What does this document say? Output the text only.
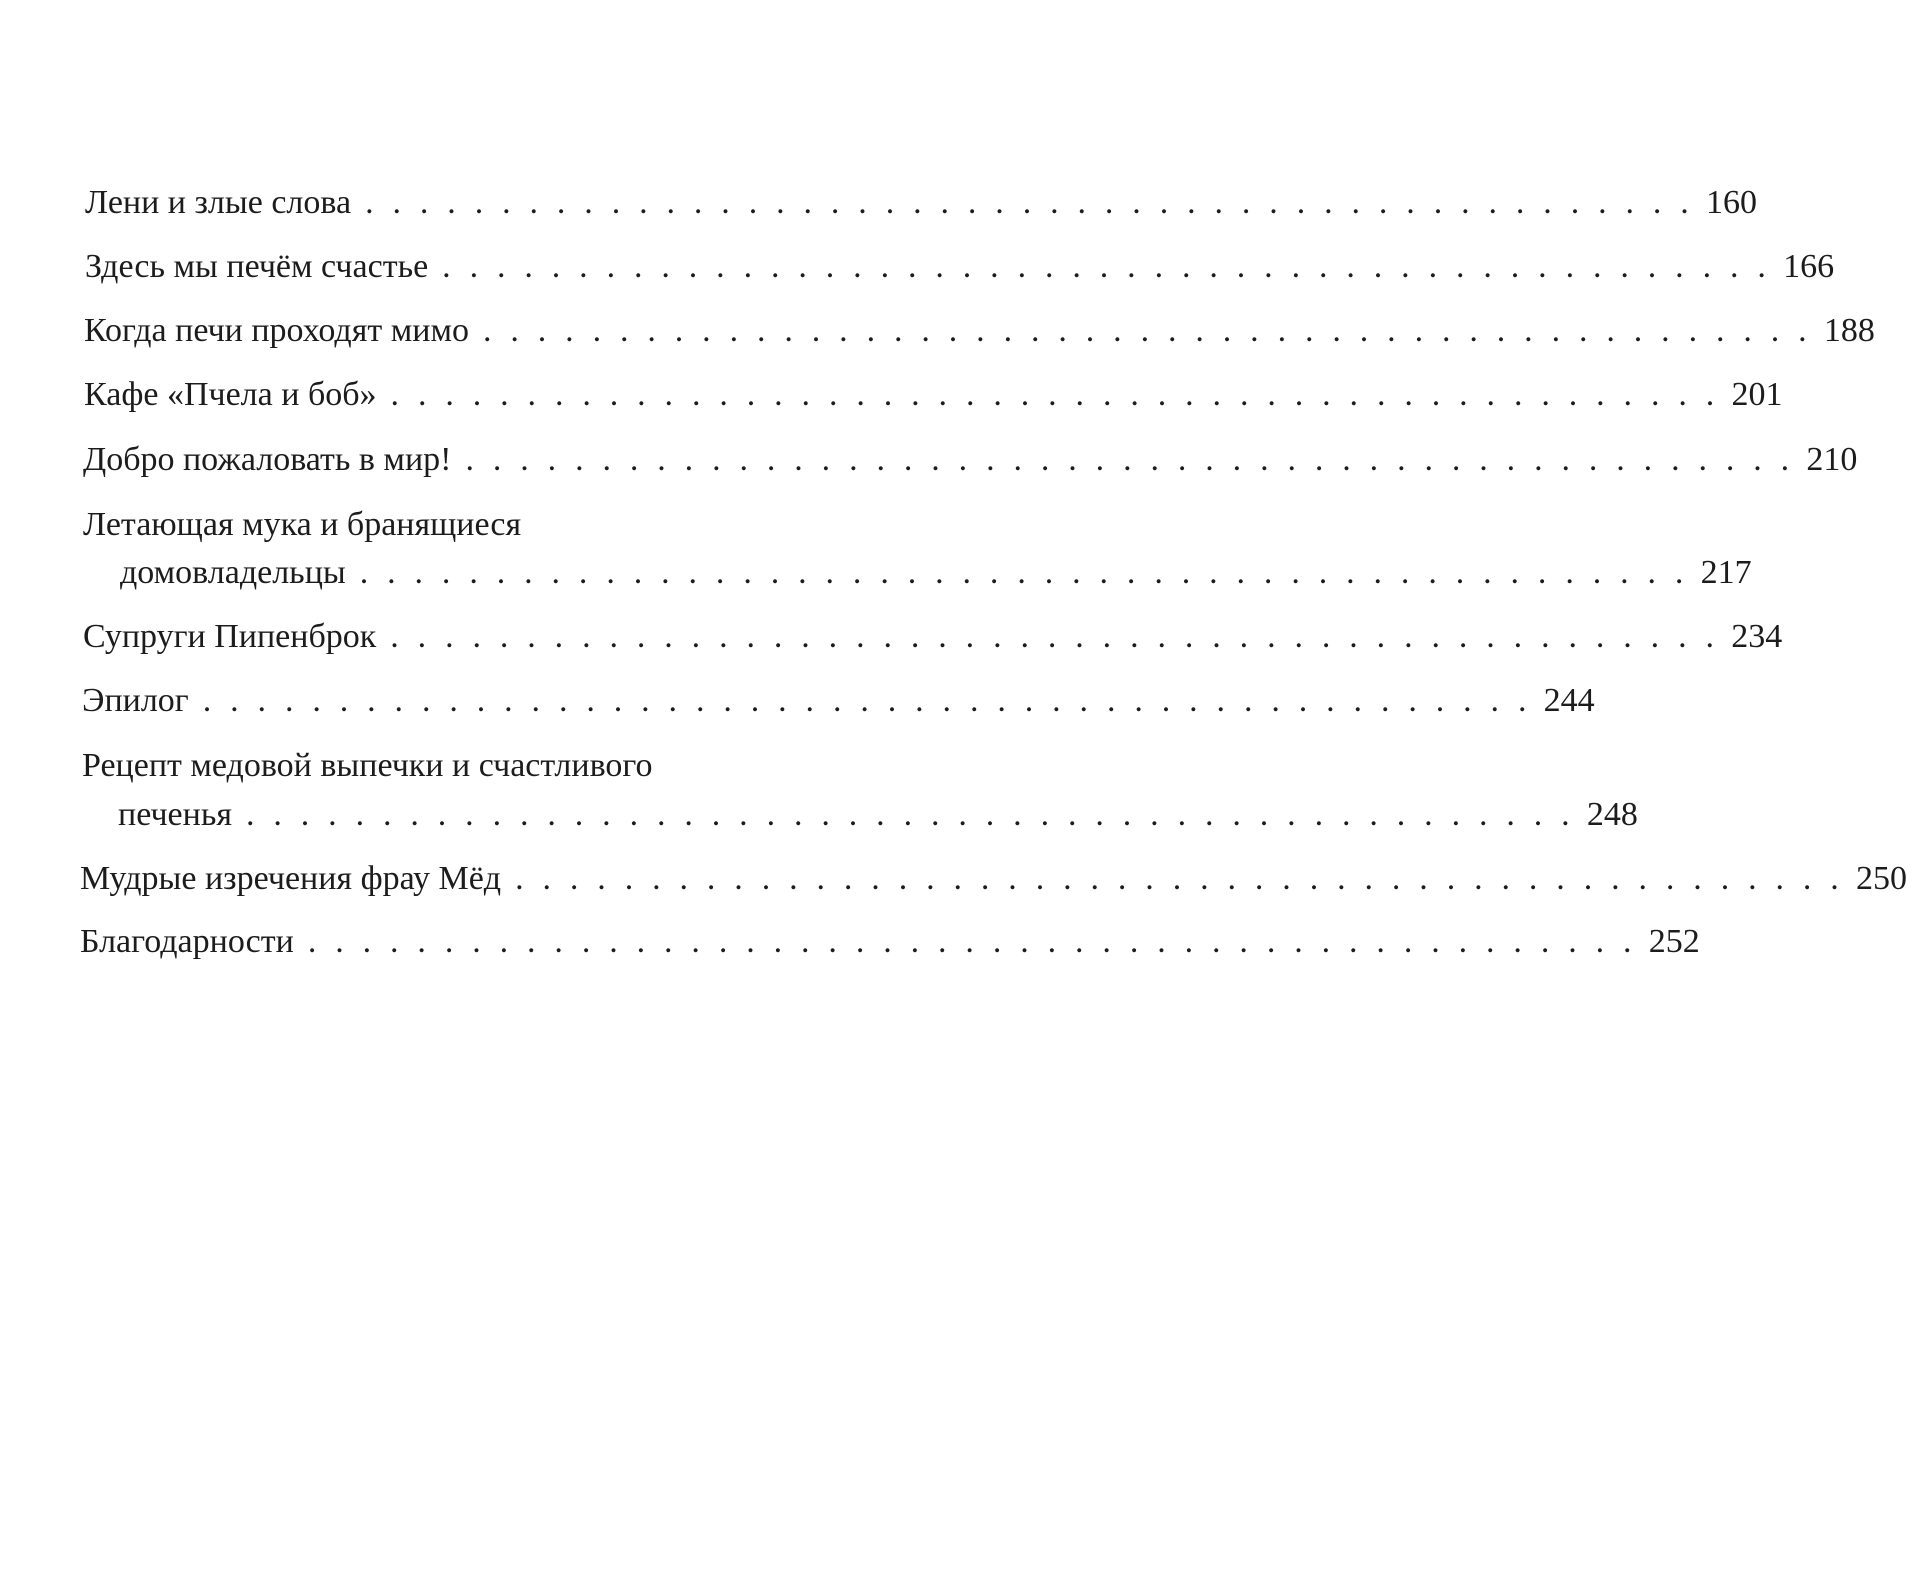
Лени и злые слова . . . . . . . . . . . . . . . . . . . . . . . . . . . . . . . . . . . . . . . . . . . . . . . . . 160
Здесь мы печём счастье . . . . . . . . . . . . . . . . . . . . . . . . . . . . . . . . . . . . . . . . . . . . . . . . . 166
Когда печи проходят мимо . . . . . . . . . . . . . . . . . . . . . . . . . . . . . . . . . . . . . . . . . . . . . . . . . 188
Кафе «Пчела и боб» . . . . . . . . . . . . . . . . . . . . . . . . . . . . . . . . . . . . . . . . . . . . . . . . . 201
Добро пожаловать в мир! . . . . . . . . . . . . . . . . . . . . . . . . . . . . . . . . . . . . . . . . . . . . . . . . . 210
Летающая мука и бранящиеся
домовладельцы . . . . . . . . . . . . . . . . . . . . . . . . . . . . . . . . . . . . . . . . . . . . . . . . . 217
Супруги Пипенброк . . . . . . . . . . . . . . . . . . . . . . . . . . . . . . . . . . . . . . . . . . . . . . . . . 234
Эпилог . . . . . . . . . . . . . . . . . . . . . . . . . . . . . . . . . . . . . . . . . . . . . . . . . 244
Рецепт медовой выпечки и счастливого
печенья . . . . . . . . . . . . . . . . . . . . . . . . . . . . . . . . . . . . . . . . . . . . . . . . . 248
Мудрые изречения фрау Мёд . . . . . . . . . . . . . . . . . . . . . . . . . . . . . . . . . . . . . . . . . . . . . . . . . 250
Благодарности . . . . . . . . . . . . . . . . . . . . . . . . . . . . . . . . . . . . . . . . . . . . . . . . . 252
